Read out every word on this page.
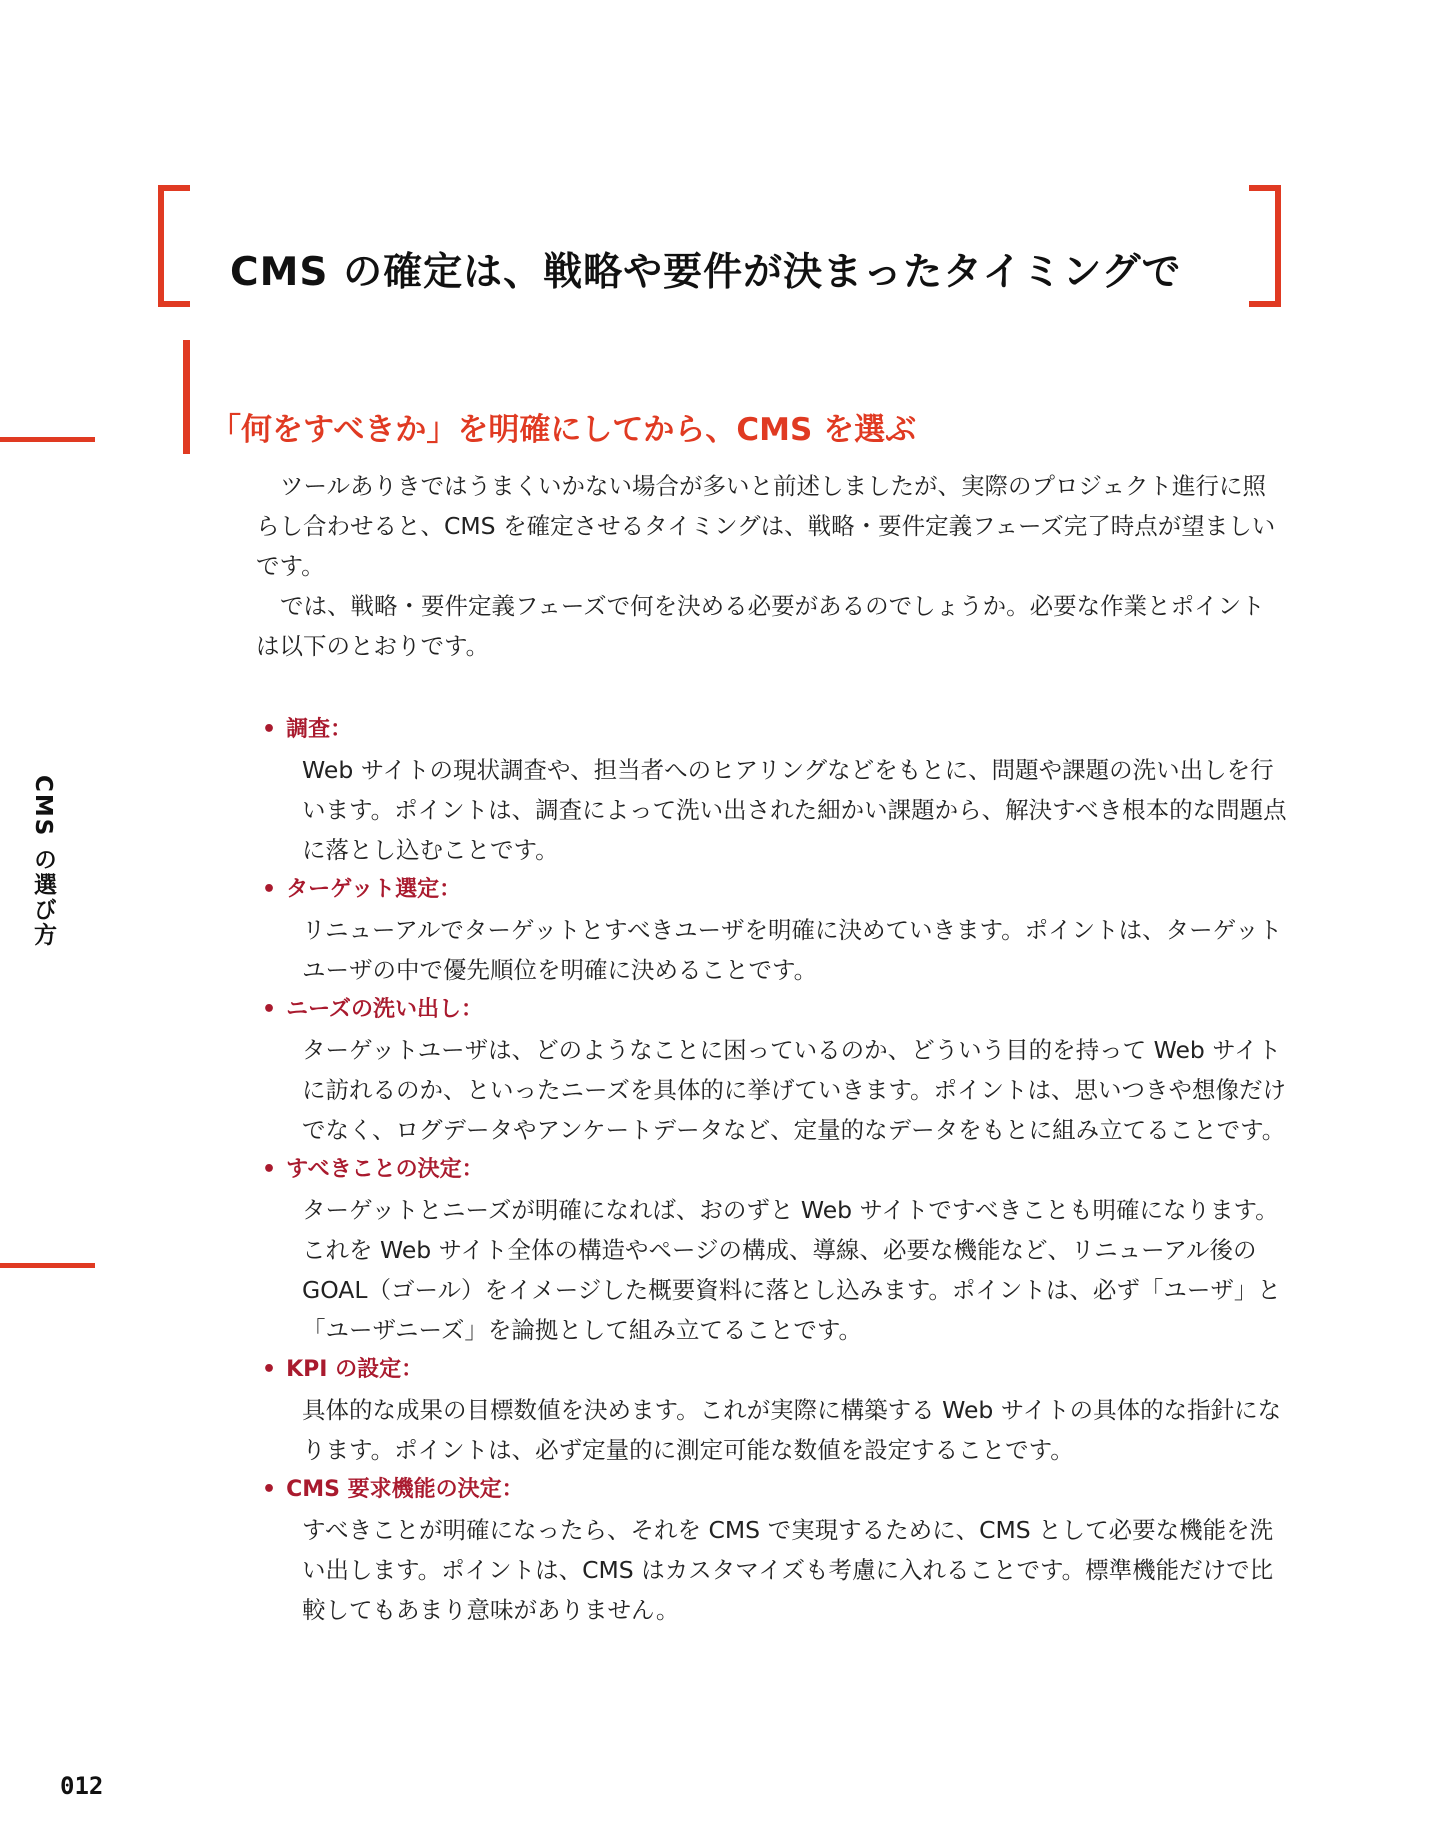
CMS の確定は、戦略や要件が決まったタイミングで
「何をすべきか」を明確にしてから、CMS を選ぶ
CMS の選び方

ツールありきではうまくいかない場合が多いと前述しましたが、実際のプロジェクト進行に照らし合わせると、CMS を確定させるタイミングは、戦略・要件定義フェーズ完了時点が望ましいです。

では、戦略・要件定義フェーズで何を決める必要があるのでしょうか。必要な作業とポイントは以下のとおりです。

• 調査：

Web サイトの現状調査や、担当者へのヒアリングなどをもとに、問題や課題の洗い出しを行います。ポイントは、調査によって洗い出された細かい課題から、解決すべき根本的な問題点に落とし込むことです。

• ターゲット選定：

リニューアルでターゲットとすべきユーザを明確に決めていきます。ポイントは、ターゲットユーザの中で優先順位を明確に決めることです。

• ニーズの洗い出し：

ターゲットユーザは、どのようなことに困っているのか、どういう目的を持って Web サイトに訪れるのか、といったニーズを具体的に挙げていきます。ポイントは、思いつきや想像だけでなく、ログデータやアンケートデータなど、定量的なデータをもとに組み立てることです。

• すべきことの決定：

ターゲットとニーズが明確になれば、おのずと Web サイトですべきことも明確になります。これを Web サイト全体の構造やページの構成、導線、必要な機能など、リニューアル後の GOAL（ゴール）をイメージした概要資料に落とし込みます。ポイントは、必ず「ユーザ」と「ユーザニーズ」を論拠として組み立てることです。

• KPI の設定：

具体的な成果の目標数値を決めます。これが実際に構築する Web サイトの具体的な指針になります。ポイントは、必ず定量的に測定可能な数値を設定することです。

• CMS 要求機能の決定：

すべきことが明確になったら、それを CMS で実現するために、CMS として必要な機能を洗い出します。ポイントは、CMS はカスタマイズも考慮に入れることです。標準機能だけで比較してもあまり意味がありません。

012
